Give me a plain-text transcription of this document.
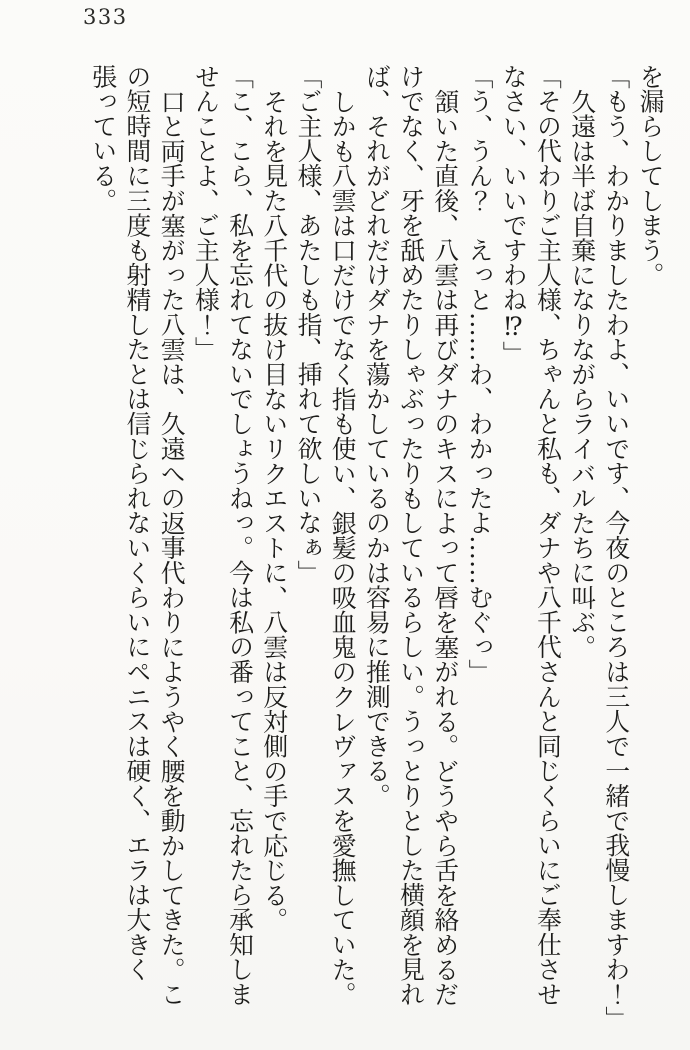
333

を漏らしてしまう。

「もう、わかりましたわよ、いいです、今夜のところは三人で一緒で我慢しますわ！」

久遠は半ば自棄になりながらライバルたちに叫ぶ。

「その代わりご主人様、ちゃんと私も、ダナや八千代さんと同じくらいにご奉仕させなさい、いいですわね⁉」

「う、うん？　えっと……わ、わかったよ……むぐっ」

頷いた直後、八雲は再びダナのキスによって唇を塞がれる。どうやら舌を絡めるだけでなく、牙を舐めたりしゃぶったりもしているらしい。うっとりとした横顔を見れば、それがどれだけダナを蕩かしているのかは容易に推測できる。

しかも八雲は口だけでなく指も使い、銀髪の吸血鬼のクレヴァスを愛撫していた。

「ご主人様、あたしも指、挿れて欲しいなぁ」

それを見た八千代の抜け目ないリクエストに、八雲は反対側の手で応じる。

「こ、こら、私を忘れてないでしょうねっ。今は私の番ってこと、忘れたら承知しませんことよ、ご主人様！」

口と両手が塞がった八雲は、久遠への返事代わりにようやく腰を動かしてきた。この短時間に三度も射精したとは信じられないくらいにペニスは硬く、エラは大きく張っている。
